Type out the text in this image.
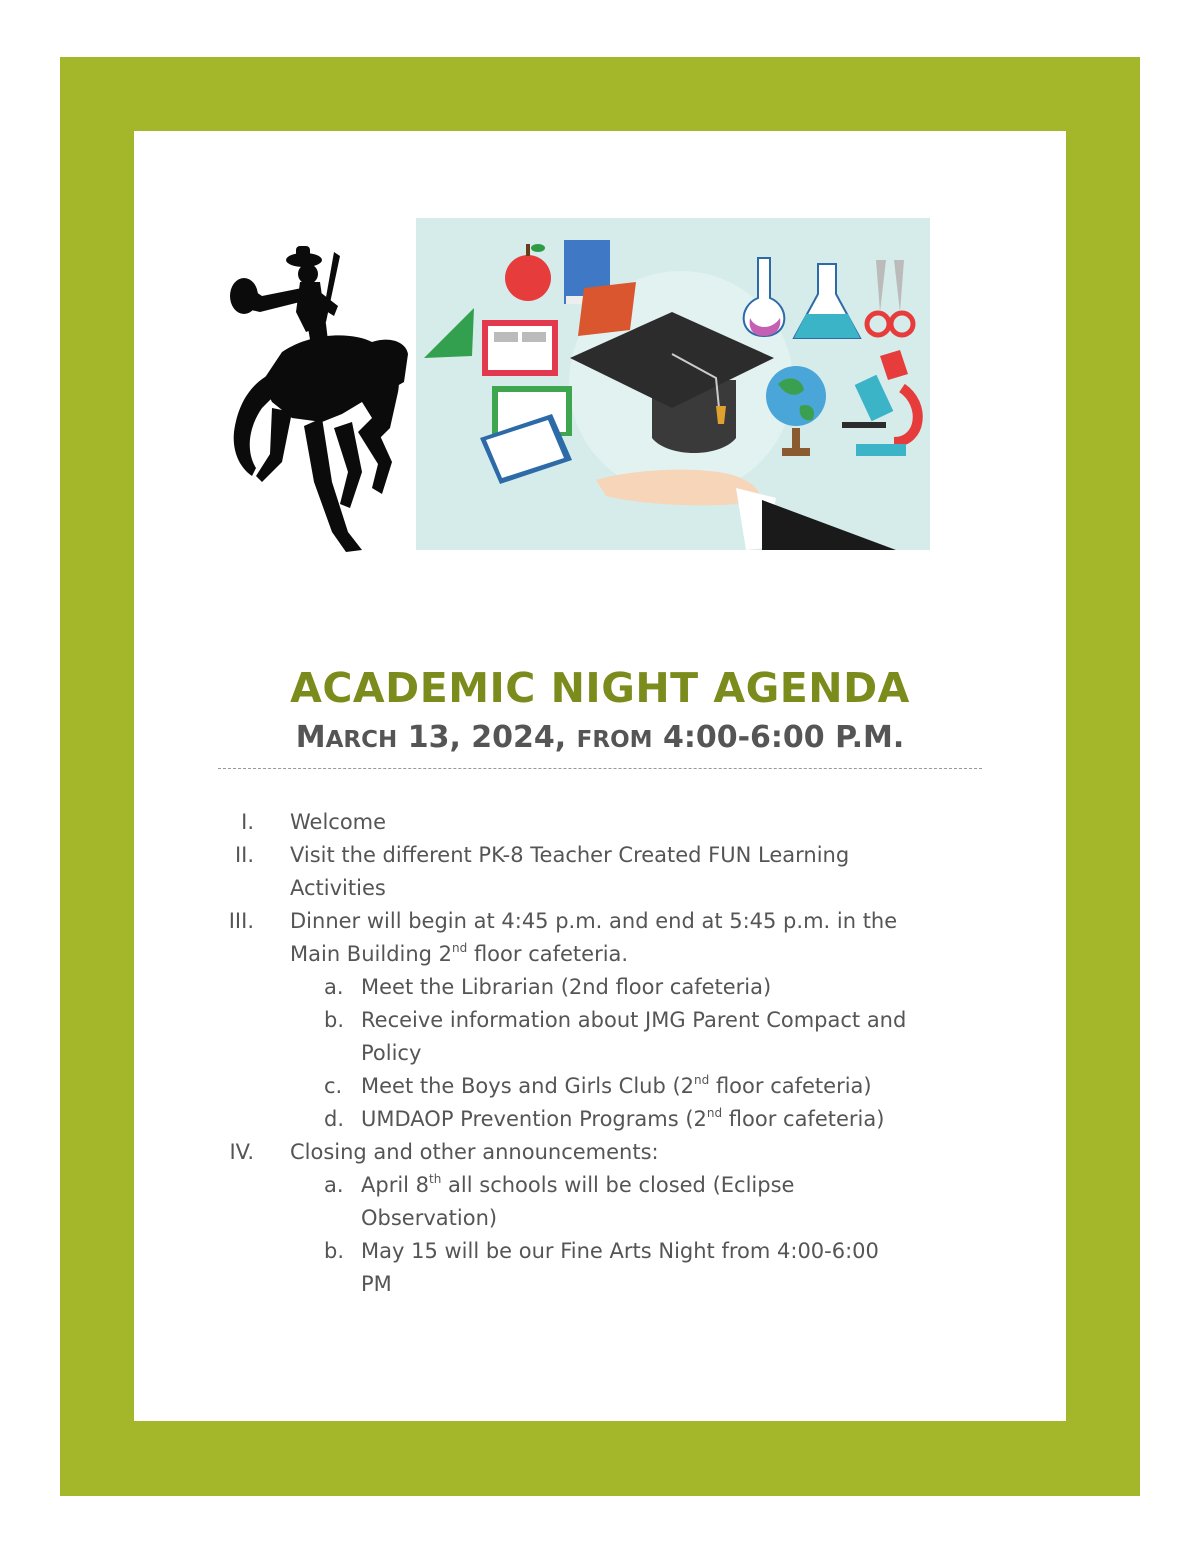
ACADEMIC NIGHT AGENDA
MARCH 13, 2024, FROM 4:00-6:00 P.M.
I. Welcome
II. Visit the different PK-8 Teacher Created FUN Learning
Activities
III. Dinner will begin at 4:45 p.m. and end at 5:45 p.m. in the
Main Building 2nd floor cafeteria.
a. Meet the Librarian (2nd floor cafeteria)
b. Receive information about JMG Parent Compact and
Policy
c. Meet the Boys and Girls Club (2nd floor cafeteria)
d. UMDAOP Prevention Programs (2nd floor cafeteria)
IV. Closing and other announcements:
a. April 8th all schools will be closed (Eclipse
Observation)
b. May 15 will be our Fine Arts Night from 4:00-6:00
PM
